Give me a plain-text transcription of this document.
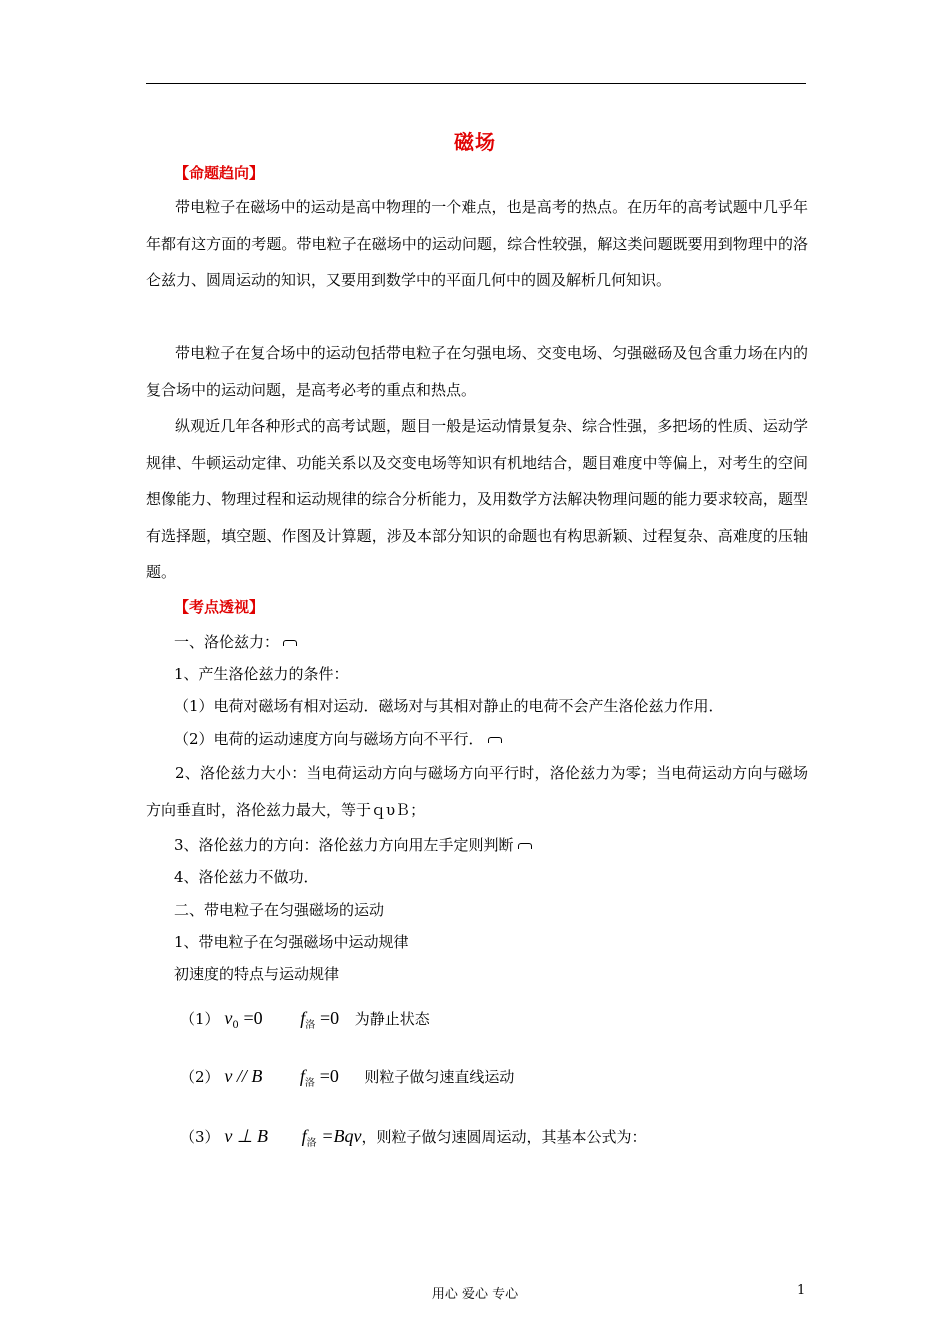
磁场
【命题趋向】
带电粒子在磁场中的运动是高中物理的一个难点，也是高考的热点。在历年的高考试题中几乎年年都有这方面的考题。带电粒子在磁场中的运动问题，综合性较强，解这类问题既要用到物理中的洛仑兹力、圆周运动的知识，又要用到数学中的平面几何中的圆及解析几何知识。
带电粒子在复合场中的运动包括带电粒子在匀强电场、交变电场、匀强磁砀及包含重力场在内的复合场中的运动问题，是高考必考的重点和热点。
纵观近几年各种形式的高考试题，题目一般是运动情景复杂、综合性强，多把场的性质、运动学规律、牛顿运动定律、功能关系以及交变电场等知识有机地结合，题目难度中等偏上，对考生的空间想像能力、物理过程和运动规律的综合分析能力，及用数学方法解决物理问题的能力要求较高，题型有选择题，填空题、作图及计算题，涉及本部分知识的命题也有构思新颖、过程复杂、高难度的压轴题。
【考点透视】
一、洛伦兹力：
1、产生洛伦兹力的条件：
（1）电荷对磁场有相对运动．磁场对与其相对静止的电荷不会产生洛伦兹力作用．
（2）电荷的运动速度方向与磁场方向不平行．
2、洛伦兹力大小：当电荷运动方向与磁场方向平行时，洛伦兹力为零；当电荷运动方向与磁场方向垂直时，洛伦兹力最大，等于ｑυＢ；
3、洛伦兹力的方向：洛伦兹力方向用左手定则判断
4、洛伦兹力不做功．
二、带电粒子在匀强磁场的运动
1、带电粒子在匀强磁场中运动规律
初速度的特点与运动规律
（1） $v_0 =0$ $f_洛 =0$ 为静止状态
（2） v // B $f_洛 =0$ 则粒子做匀速直线运动
（3） v ⊥ B $f_洛 =Bqv$，则粒子做匀速圆周运动，其基本公式为：
用心 爱心 专心	1
